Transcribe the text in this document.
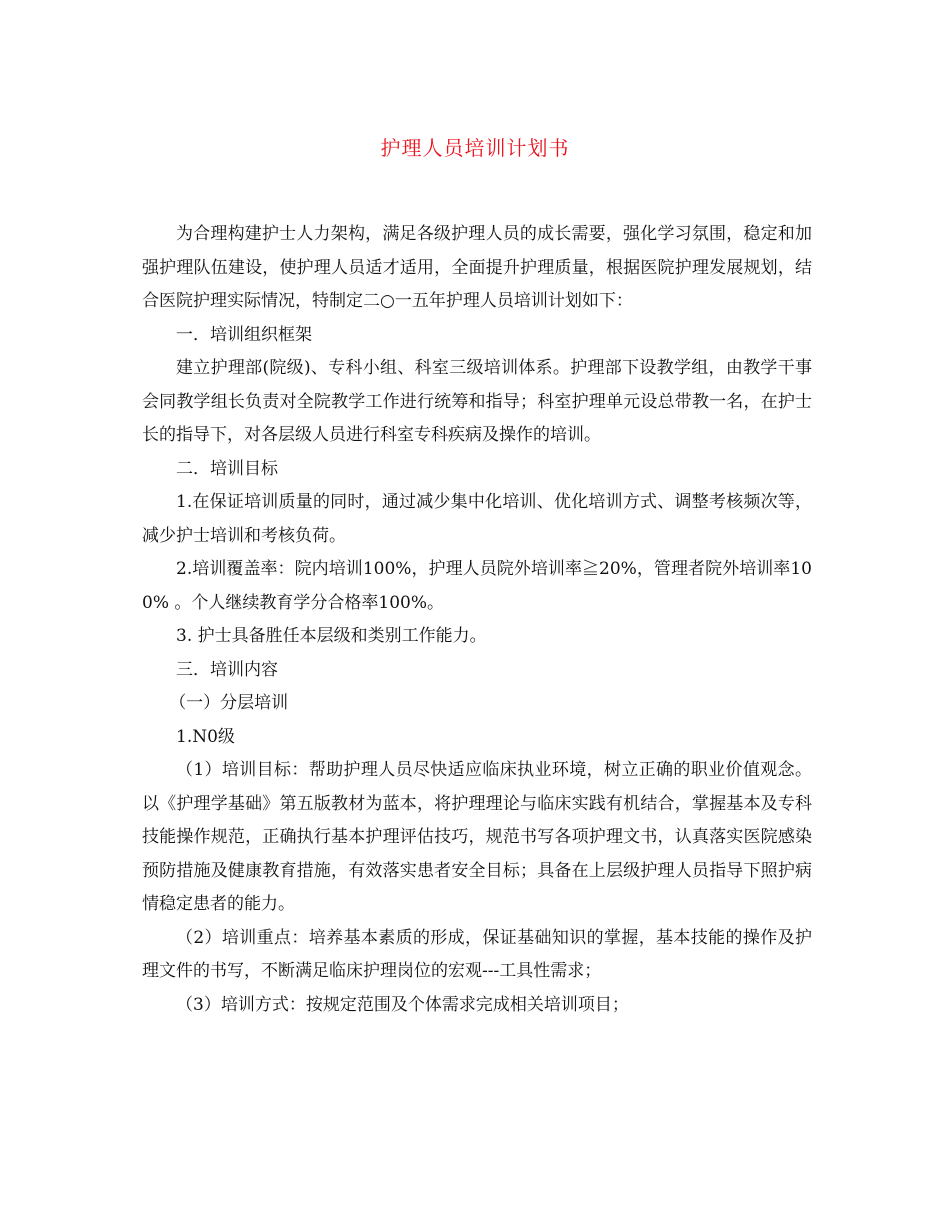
护理人员培训计划书

为合理构建护士人力架构，满足各级护理人员的成长需要，强化学习氛围，稳定和加强护理队伍建设，使护理人员适才适用，全面提升护理质量，根据医院护理发展规划，结合医院护理实际情况，特制定二○一五年护理人员培训计划如下：

一．培训组织框架

建立护理部(院级)、专科小组、科室三级培训体系。护理部下设教学组，由教学干事会同教学组长负责对全院教学工作进行统筹和指导；科室护理单元设总带教一名，在护士长的指导下，对各层级人员进行科室专科疾病及操作的培训。

二．培训目标

1.在保证培训质量的同时，通过减少集中化培训、优化培训方式、调整考核频次等，减少护士培训和考核负荷。

2.培训覆盖率：院内培训100%，护理人员院外培训率≧20%，管理者院外培训率100% 。个人继续教育学分合格率100%。

3. 护士具备胜任本层级和类别工作能力。

三．培训内容

（一）分层培训

1.N0级

（1）培训目标：帮助护理人员尽快适应临床执业环境，树立正确的职业价值观念。以《护理学基础》第五版教材为蓝本，将护理理论与临床实践有机结合，掌握基本及专科技能操作规范，正确执行基本护理评估技巧，规范书写各项护理文书，认真落实医院感染预防措施及健康教育措施，有效落实患者安全目标；具备在上层级护理人员指导下照护病情稳定患者的能力。

（2）培训重点：培养基本素质的形成，保证基础知识的掌握，基本技能的操作及护理文件的书写，不断满足临床护理岗位的宏观---工具性需求；

（3）培训方式：按规定范围及个体需求完成相关培训项目；
